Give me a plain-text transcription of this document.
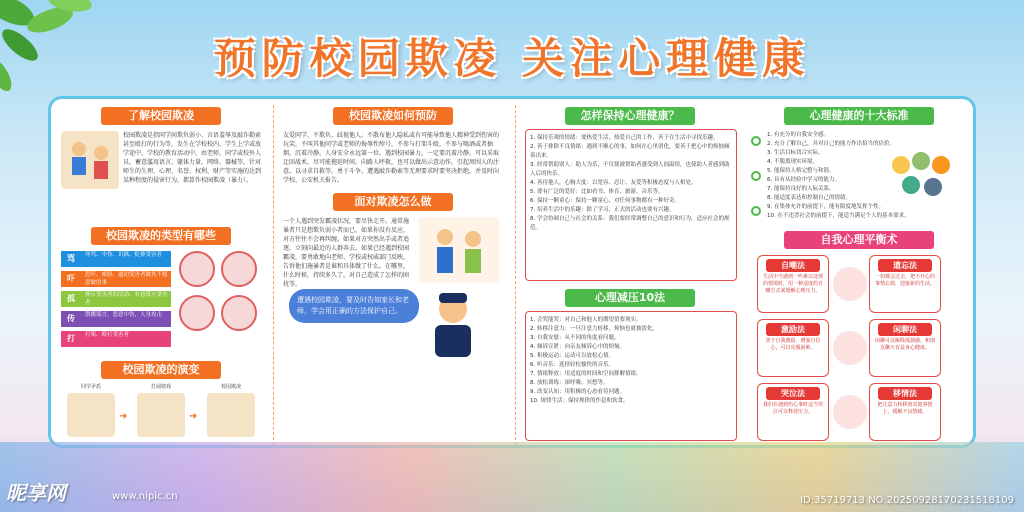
预防校园欺凌 关注心理健康
了解校园欺凌
校园欺凌是指同学间欺负弱小、言语羞辱及敲诈勒索甚至殴打的行为等，发生在学校校内、学生上学或放学途中、学校的教育活动中，由老师、同学或校外人员，蓄意滥用语言、躯体力量、网络、器械等，针对师生的生理、心理、名誉、权利、财产等实施的达到某种程度的侵害行为，都算作校园欺凌（暴力）。
校园欺凌的类型有哪些
骂	辱骂、中伤、讥讽、贬抑受害者
吓	恐吓、威胁、逼迫受害者做其不愿意做的事
孤	排斥受害者的活动、有意孤立受害者
传	散播谣言、恶意中伤，人身攻击
打	打架、殴打受害者
校园欺凌的演变
同学矛盾	打闹嬉戏	校园欺凌
➜	➜
校园欺凌如何预防
友爱同学，不欺负、歧视他人。不散布他人隐私或有可能导致他人精神受到伤害的玩笑，不叫其他同学或老师的侮辱性绰号，不参与打架斗殴，不参与喝酒或者抽烟。沉着冷静。人身安全永远第一位。遇到校园暴力，一定要沉着冷静，可以采取迂回战术，尽可能拖延时间。向路人呼救，也可以做出示意动作，引起周围人的注意。以寻求自救等。勇于斗争。遭遇敲诈勒索等无理要求时要坚决拒绝，并及时向学校、公安机关报告。
面对欺凌怎么做
一个人遇到突发霸凌状况，要尽快走开。通常施暴者只是想欺负弱小者而已，如果你没有反应，对方往往不会再纠缠。如果对方突然出手或者追逐，立刻向最近的人群奔去。如果已经遇到校园霸凌，要勇敢地向老师、学校或权威部门反映，告诉他们施暴者是谁和具体做了什么，在哪里，什么时候，持续多久了，对自己造成了怎样的困扰等。
遭遇校园欺凌，要及时告知家长和老师，学会用正确的方法保护自己。
怎样保持心理健康？
1. 保持乐观的情绪：要热爱生活，热爱自己的工作，善于在生活中寻找乐趣。
2. 善于排除不良情绪：遇到不顺心的事，如何在心里消化，要善于把心中的烦恼倾诉出来。
3. 经常帮助别人：助人为乐，不仅使被帮助者感受到人间温情，也使助人者感到助人后的快乐。
4. 善待他人，心胸大度：以宽容、忍让、友爱等积极态度与人相处。
5. 要有广泛的爱好：比如看书、体育、旅游、音乐等。
6. 保持一颗童心：保持一颗童心，对任何事物都有一种好奇。
7. 培养生活中的乐趣：除了学习，正式的活动也要有兴趣。
8. 学会协调自己与社会的关系：我们要经常调整自己的意识和行为，适应社会的规范。
心理减压10法
1. 会哭能哭：对自己和他人的期望值要现实。
2. 转移注意力：一旦注意力转移，烦恼也就被淡化。
3. 自我安慰：从不同的角度看问题。
4. 倾诉宣泄：向亲友倾诉心中的烦恼。
5. 积极运动：运动可以放松心情。
6. 听音乐：选择轻松愉快的音乐。
7. 情绪释放：用适度的时间和空间排解情绪。
8. 放松训练：深呼吸、冥想等。
9. 改变认知：用积极的心态看待问题。
10. 规律生活：保持规律的作息和饮食。
心理健康的十大标准
1. 有充分的自我安全感。
2. 充分了解自己，并对自己的能力作出恰当的估价。
3. 生活目标切合实际。
4. 不脱离现实环境。
5. 能保持人格完整与和谐。
6. 具有从经验中学习的能力。
7. 能保持良好的人际关系。
8. 能适度表达和控制自己的情绪。
9. 在集体允许的前提下，能有限度地发挥个性。
10. 在不违背社会的前提下，能适当满足个人的基本要求。
自我心理平衡术
自嘲法
生活中当遇到一些难以处理的情境时，用一种适度的自嘲方式来缓解心理压力。
遗忘法
一切都会过去，把不开心的事情忘掉，迎接新的生活。
激励法
善于自我激励，增强自信心，可以克服困难。
闲聊法
闲聊可以解除孤独感，和朋友聊天有益身心健康。
哭泣法
我们在遇到伤心事时适当哭泣可以释放压力。
移情法
把注意力转移到其他事情上，缓解不良情绪。
昵享网	www.nipic.cn	ID:35719713 NO:20250928170231518109
